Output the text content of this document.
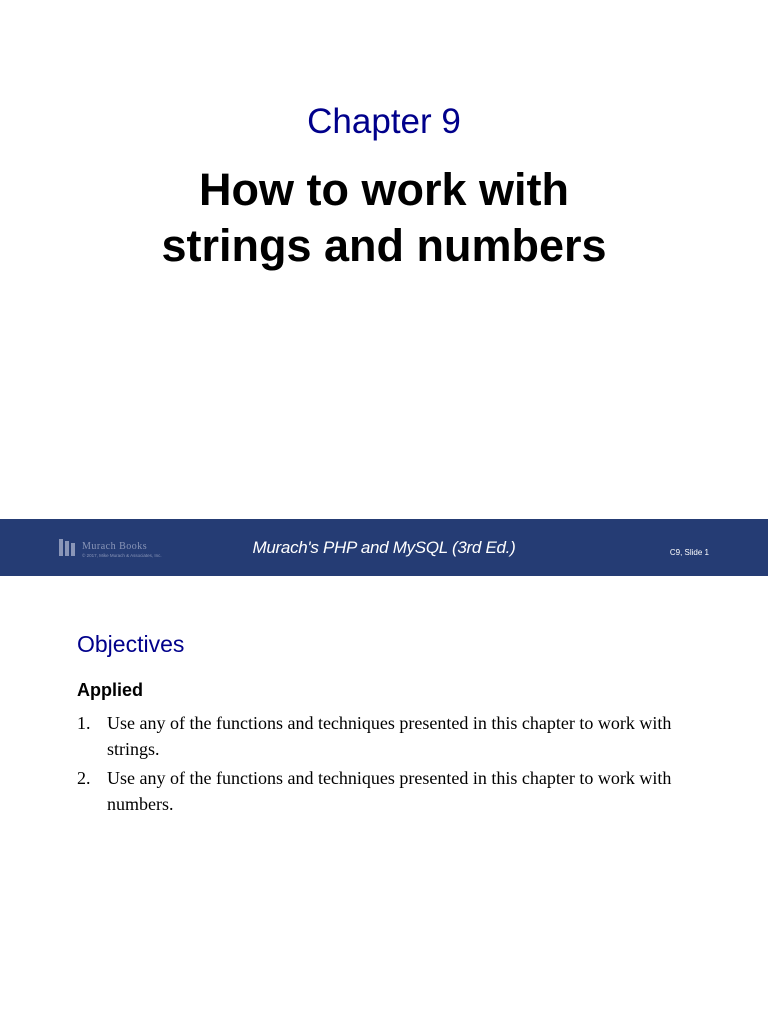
Chapter 9
How to work with
strings and numbers
Murach Books
© 2017, Mike Murach & Associates, Inc.	Murach's PHP and MySQL (3rd Ed.)	C9, Slide 1
Objectives
Applied
1. Use any of the functions and techniques presented in this chapter to work with strings.
2. Use any of the functions and techniques presented in this chapter to work with numbers.
